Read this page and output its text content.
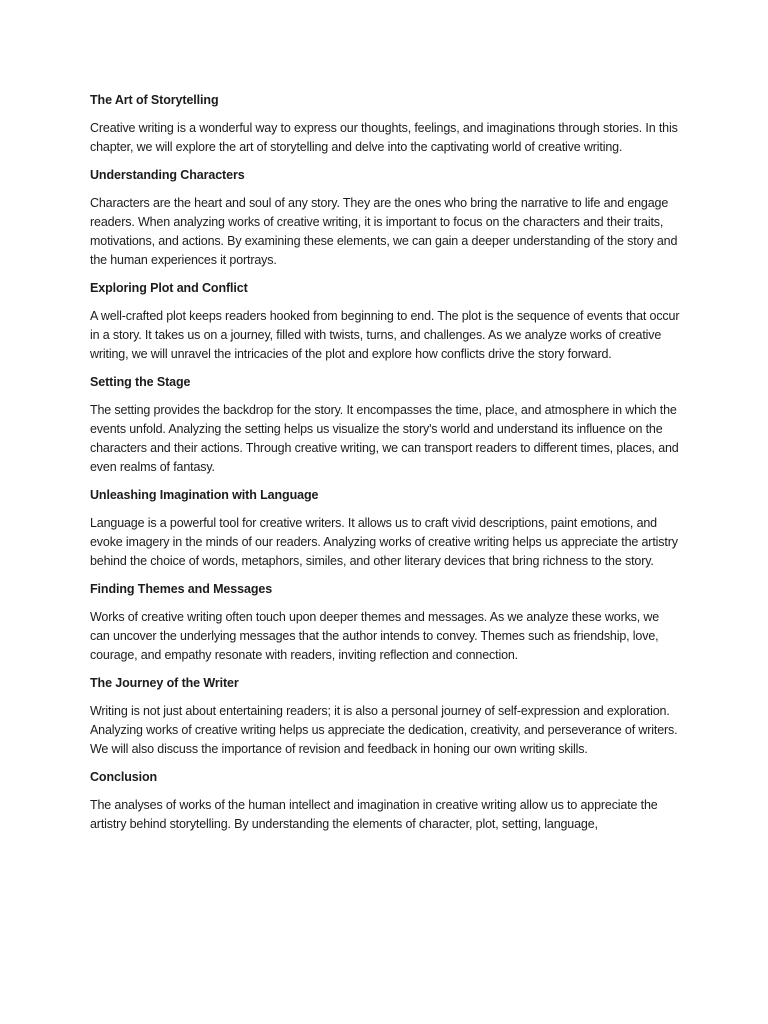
The Art of Storytelling
Creative writing is a wonderful way to express our thoughts, feelings, and imaginations through stories. In this chapter, we will explore the art of storytelling and delve into the captivating world of creative writing.
Understanding Characters
Characters are the heart and soul of any story. They are the ones who bring the narrative to life and engage readers. When analyzing works of creative writing, it is important to focus on the characters and their traits, motivations, and actions. By examining these elements, we can gain a deeper understanding of the story and the human experiences it portrays.
Exploring Plot and Conflict
A well-crafted plot keeps readers hooked from beginning to end. The plot is the sequence of events that occur in a story. It takes us on a journey, filled with twists, turns, and challenges. As we analyze works of creative writing, we will unravel the intricacies of the plot and explore how conflicts drive the story forward.
Setting the Stage
The setting provides the backdrop for the story. It encompasses the time, place, and atmosphere in which the events unfold. Analyzing the setting helps us visualize the story's world and understand its influence on the characters and their actions. Through creative writing, we can transport readers to different times, places, and even realms of fantasy.
Unleashing Imagination with Language
Language is a powerful tool for creative writers. It allows us to craft vivid descriptions, paint emotions, and evoke imagery in the minds of our readers. Analyzing works of creative writing helps us appreciate the artistry behind the choice of words, metaphors, similes, and other literary devices that bring richness to the story.
Finding Themes and Messages
Works of creative writing often touch upon deeper themes and messages. As we analyze these works, we can uncover the underlying messages that the author intends to convey. Themes such as friendship, love, courage, and empathy resonate with readers, inviting reflection and connection.
The Journey of the Writer
Writing is not just about entertaining readers; it is also a personal journey of self-expression and exploration. Analyzing works of creative writing helps us appreciate the dedication, creativity, and perseverance of writers. We will also discuss the importance of revision and feedback in honing our own writing skills.
Conclusion
The analyses of works of the human intellect and imagination in creative writing allow us to appreciate the artistry behind storytelling. By understanding the elements of character, plot, setting, language,
